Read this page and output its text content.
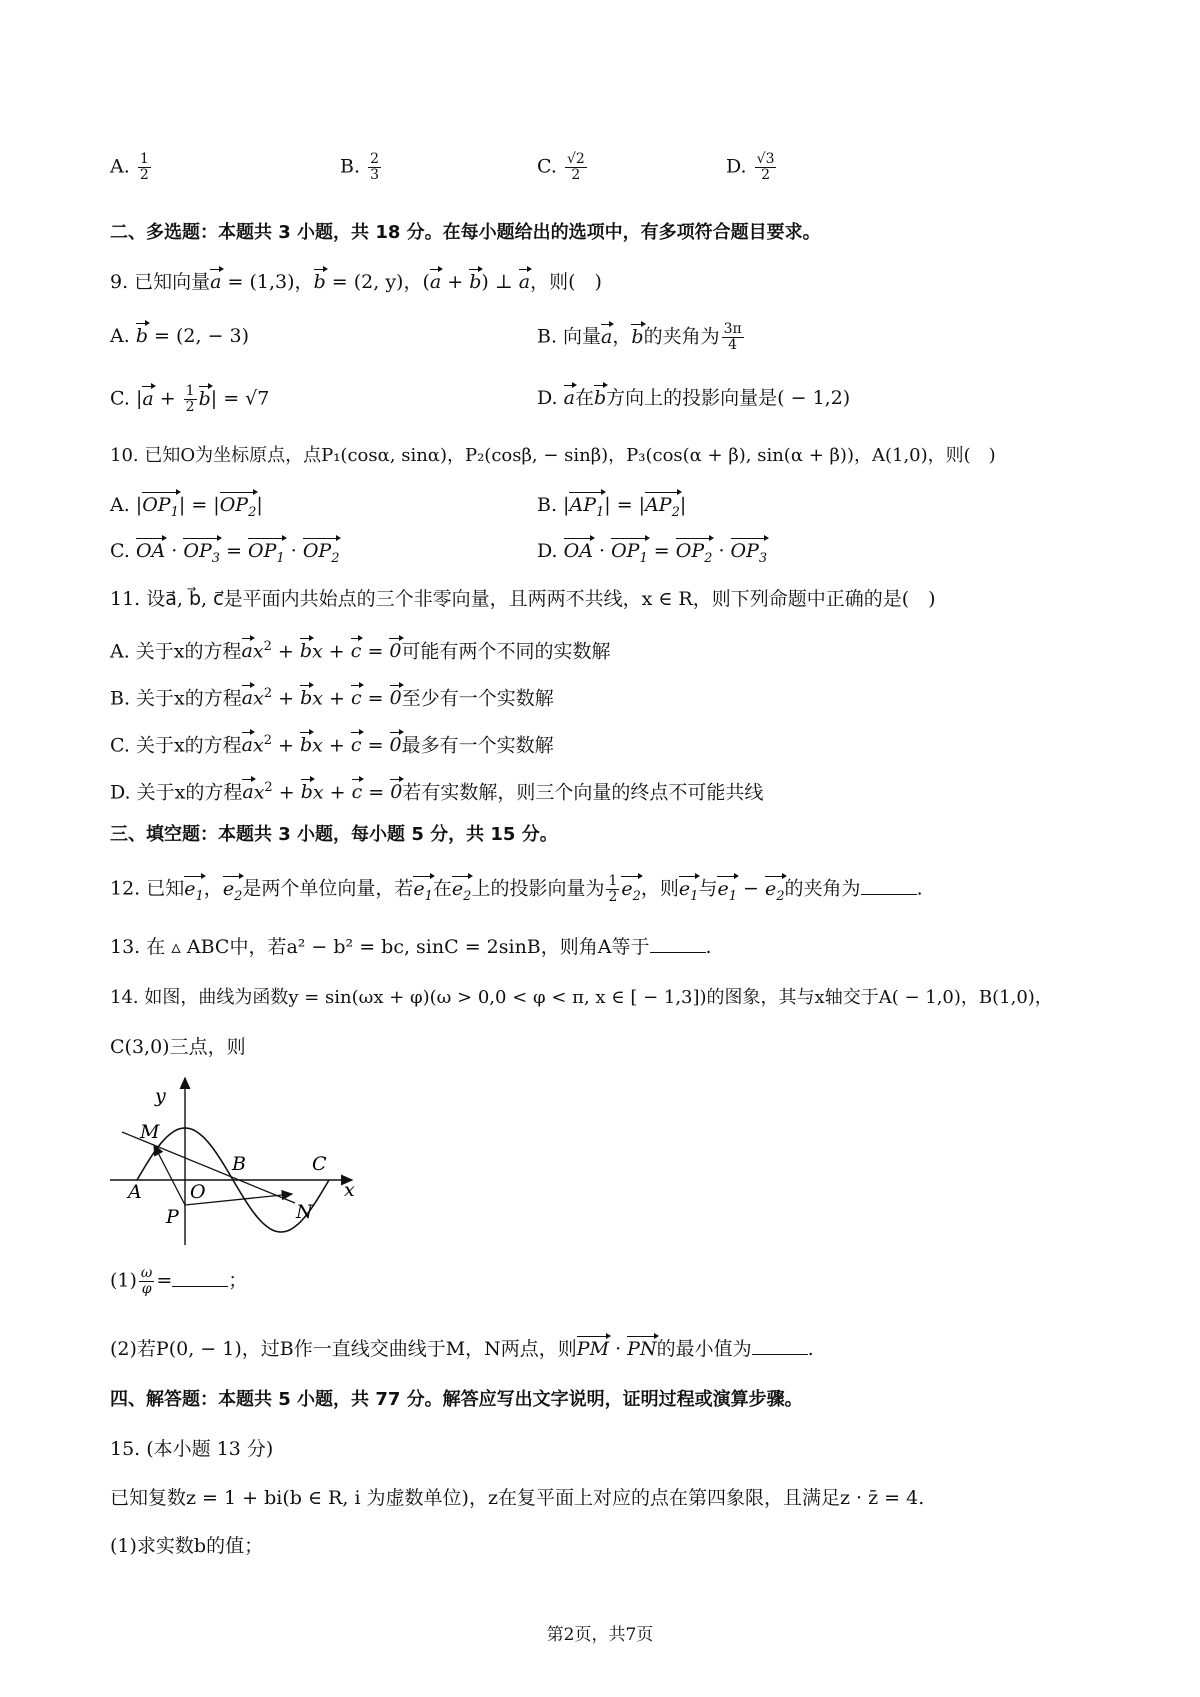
A. $\frac{1}{2}$	B. $\frac{2}{3}$	C. $\frac{√2}{2}$	D. $\frac{√3}{2}$
二、多选题：本题共 3 小题，共 18 分。在每小题给出的选项中，有多项符合题目要求。
9. 已知向量a = (1,3)，b = (2, y)，(a + b) ⊥ a，则(　)
A. b = (2, − 3)	B. 向量a，b的夹角为 $\frac{3\pi}{4}$
C. $|a + \frac{1}{2} b| = √7$	D. a在b方向上的投影向量是( − 1,2)
10. 已知O为坐标原点，点P₁(cosα, sinα)，P₂(cosβ, − sinβ)，P₃(cos(α + β), sin(α + β))，A(1,0)，则(　)
A. $|OP_1| = |OP_2|$	B. $|AP_1| = |AP_2|$
C. OA · $OP_3 = OP_1 \cdot OP_2$	D. OA · $OP_1 = OP_2 \cdot OP_3$
11. 设a⃗, b⃗, c⃗是平面内共始点的三个非零向量，且两两不共线，x ∈ R，则下列命题中正确的是(　)
A. 关于x的方程$ax^2$ + bx + c = 0可能有两个不同的实数解
B. 关于x的方程$ax^2$ + bx + c = 0至少有一个实数解
C. 关于x的方程$ax^2$ + bx + c = 0最多有一个实数解
D. 关于x的方程$ax^2$ + bx + c = 0若有实数解，则三个向量的终点不可能共线
三、填空题：本题共 3 小题，每小题 5 分，共 15 分。
12. 已知$e_1$，$e_2$是两个单位向量，若$e_1$在$e_2$上的投影向量为 $\frac{1}{2} e_2$，则$e_1$与$e_1 - e_2$的夹角为	.
13. 在 ▵ ABC中，若a² − b² = bc, sinC = 2sinB，则角A等于	.
14. 如图，曲线为函数y = sin(ωx + φ)(ω > 0,0 < φ < π, x ∈ [ − 1,3])的图象，其与x轴交于A( − 1,0)，B(1,0)，
C(3,0)三点，则
y
x
M
A	O
B	C
P	N
$(1) \frac{\omega}{\varphi}$ =	；
(2)若P(0, − 1)，过B作一直线交曲线于M，N两点，则PM · PN的最小值为	.
四、解答题：本题共 5 小题，共 77 分。解答应写出文字说明，证明过程或演算步骤。
15. (本小题 13 分)
已知复数z = 1 + bi(b ∈ R, i 为虚数单位)，z在复平面上对应的点在第四象限，且满足z · z̄ = 4.
(1)求实数b的值；
第2页，共7页
